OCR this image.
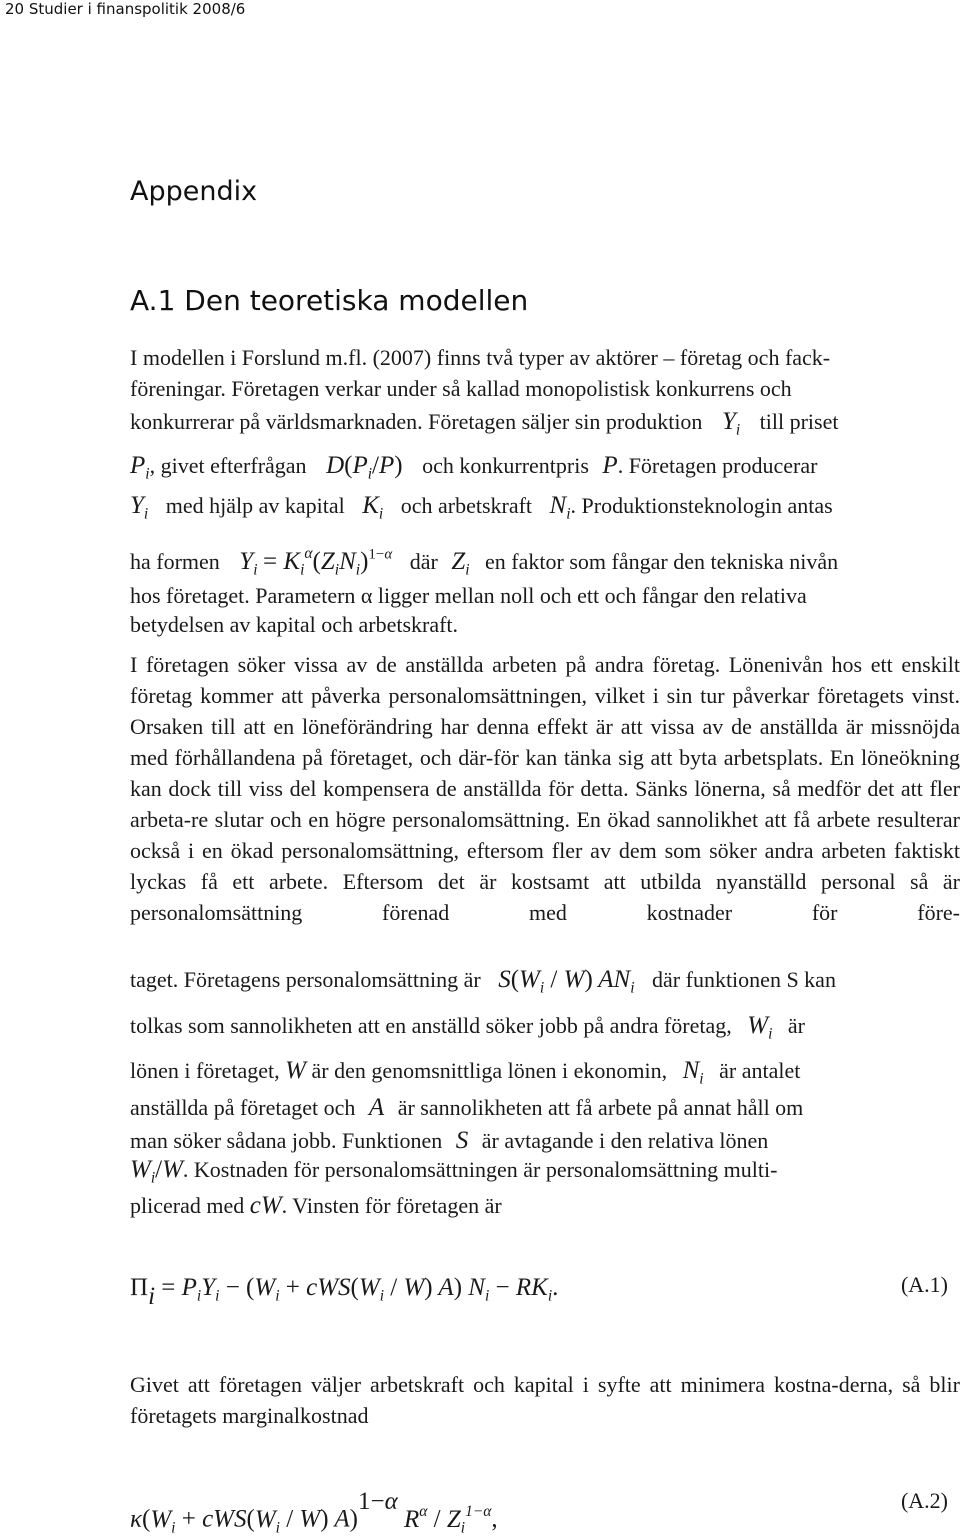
20 Studier i finanspolitik 2008/6
Appendix
A.1 Den teoretiska modellen
I modellen i Forslund m.fl. (2007) finns två typer av aktörer – företag och fack-
föreningar. Företagen verkar under så kallad monopolistisk konkurrens och
konkurrerar på världsmarknaden. Företagen säljer sin produktion $Y_i$ till priset
$P_i$, givet efterfrågan $D(P_i/P)$ och konkurrentpris P. Företagen producerar
$Y_i$ med hjälp av kapital $K_i$ och arbetskraft $N_i$. Produktionsteknologin antas
ha formen $Y_i = K_i^\alpha(Z_iN_i)^{1-\alpha}$ där $Z_i$ en faktor som fångar den tekniska nivån
hos företaget. Parametern α ligger mellan noll och ett och fångar den relativa
betydelsen av kapital och arbetskraft.
I företagen söker vissa av de anställda arbeten på andra företag. Lönenivån hos ett enskilt företag kommer att påverka personalomsättningen, vilket i sin tur påverkar företagets vinst. Orsaken till att en löneförändring har denna effekt är att vissa av de anställda är missnöjda med förhållandena på företaget, och där-för kan tänka sig att byta arbetsplats. En löneökning kan dock till viss del kompensera de anställda för detta. Sänks lönerna, så medför det att fler arbeta-re slutar och en högre personalomsättning. En ökad sannolikhet att få arbete resulterar också i en ökad personalomsättning, eftersom fler av dem som söker andra arbeten faktiskt lyckas få ett arbete. Eftersom det är kostsamt att utbilda nyanställd personal så är personalomsättning förenad med kostnader för före-
taget. Företagens personalomsättning är $S(W_i / W)$ $AN_i$ där funktionen S kan
tolkas som sannolikheten att en anställd söker jobb på andra företag, $W_i$ är
lönen i företaget, W är den genomsnittliga lönen i ekonomin, $N_i$ är antalet
anställda på företaget och A är sannolikheten att få arbete på annat håll om
man söker sådana jobb. Funktionen S är avtagande i den relativa lönen
$W_i/W$. Kostnaden för personalomsättningen är personalomsättning multi-
plicerad med cW. Vinsten för företagen är
$\Pi_i = P_iY_i - (W_i + cWS(W_i / W)$ A) $N_i - RK_i$.	(A.1)
Givet att företagen väljer arbetskraft och kapital i syfte att minimera kostna-derna, så blir företagets marginalkostnad
$\kappa(W_i + cWS(W_i / W)$ A)$^{1-\alpha}$ $R^\alpha / Z_i^{1-\alpha}$,
(A.2)
